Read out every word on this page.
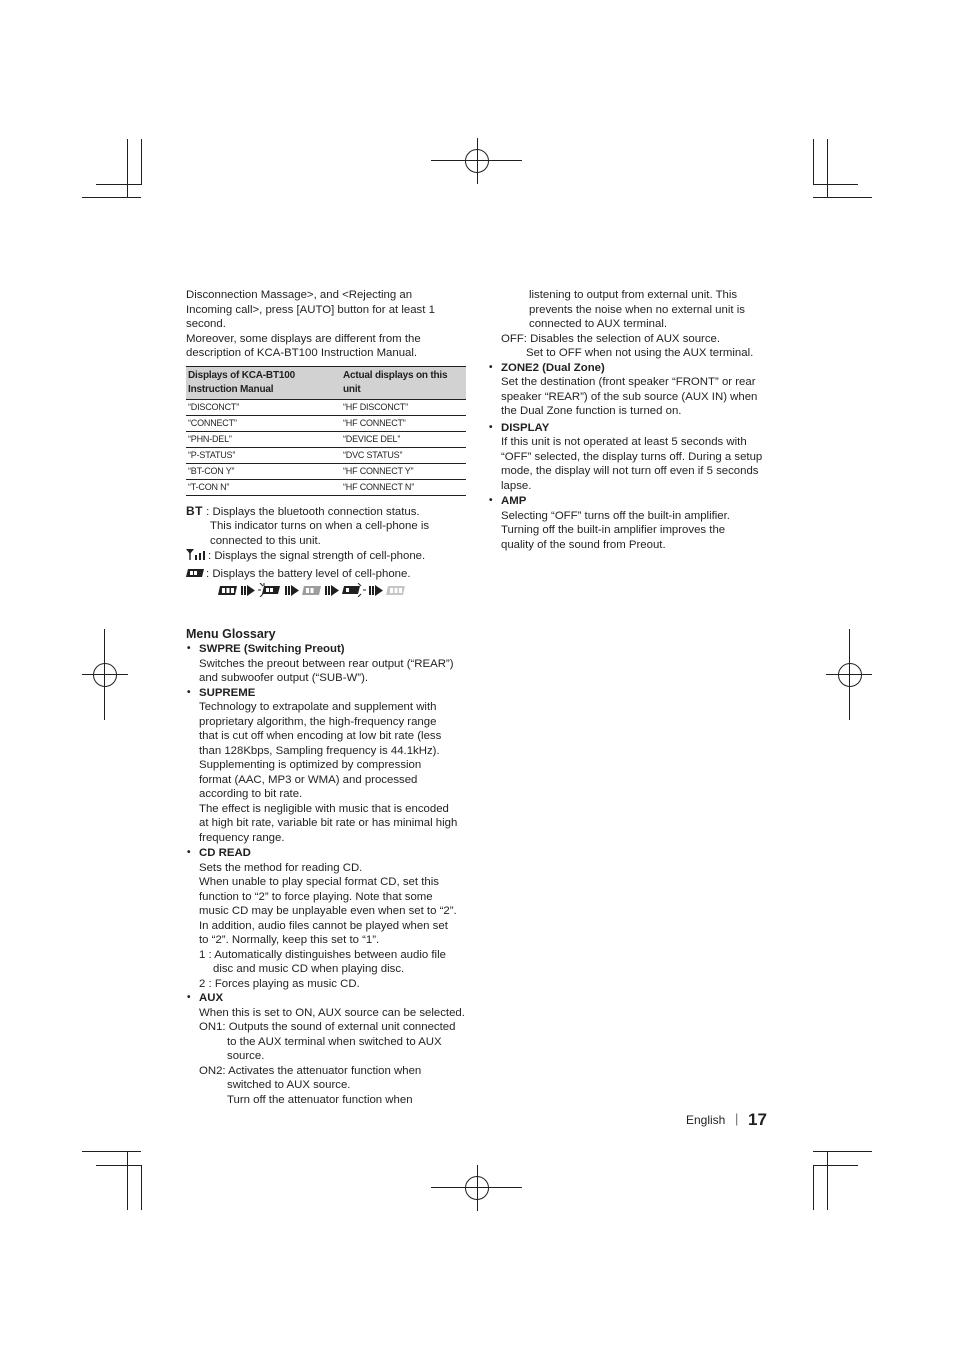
Disconnection Massage>, and <Rejecting an

Incoming call>, press [AUTO] button for at least 1

second.

Moreover, some displays are different from the

description of KCA-BT100 Instruction Manual.

Displays of KCA-BT100 Instruction Manual	Actual displays on this unit
“DISCONCT”	“HF DISCONCT”
“CONNECT”	“HF CONNECT”
“PHN-DEL”	“DEVICE DEL”
“P-STATUS”	“DVC STATUS”
“BT-CON Y”	“HF CONNECT Y”
“T-CON N”	“HF CONNECT N”

BT : Displays the bluetooth connection status.

This indicator turns on when a cell-phone is

connected to this unit.

: Displays the signal strength of cell-phone.

: Displays the battery level of cell-phone.

Menu Glossary

• SWPRE (Switching Preout)

Switches the preout between rear output (“REAR”)

and subwoofer output (“SUB-W”).

• SUPREME

Technology to extrapolate and supplement with

proprietary algorithm, the high-frequency range

that is cut off when encoding at low bit rate (less

than 128Kbps, Sampling frequency is 44.1kHz).

Supplementing is optimized by compression

format (AAC, MP3 or WMA) and processed

according to bit rate.

The effect is negligible with music that is encoded

at high bit rate, variable bit rate or has minimal high

frequency range.

• CD READ

Sets the method for reading CD.

When unable to play special format CD, set this

function to “2” to force playing. Note that some

music CD may be unplayable even when set to “2”.

In addition, audio files cannot be played when set

to “2”. Normally, keep this set to “1”.

1 : Automatically distinguishes between audio file

disc and music CD when playing disc.

2 : Forces playing as music CD.

• AUX

When this is set to ON, AUX source can be selected.

ON1: Outputs the sound of external unit connected

to the AUX terminal when switched to AUX

source.

ON2: Activates the attenuator function when

switched to AUX source.

Turn off the attenuator function when

listening to output from external unit. This

prevents the noise when no external unit is

connected to AUX terminal.

OFF: Disables the selection of AUX source.

Set to OFF when not using the AUX terminal.

• ZONE2 (Dual Zone)

Set the destination (front speaker “FRONT” or rear

speaker “REAR”) of the sub source (AUX IN) when

the Dual Zone function is turned on.

• DISPLAY

If this unit is not operated at least 5 seconds with

“OFF” selected, the display turns off. During a setup

mode, the display will not turn off even if 5 seconds

lapse.

• AMP

Selecting “OFF” turns off the built-in amplifier.

Turning off the built-in amplifier improves the

quality of the sound from Preout.

English | 17
